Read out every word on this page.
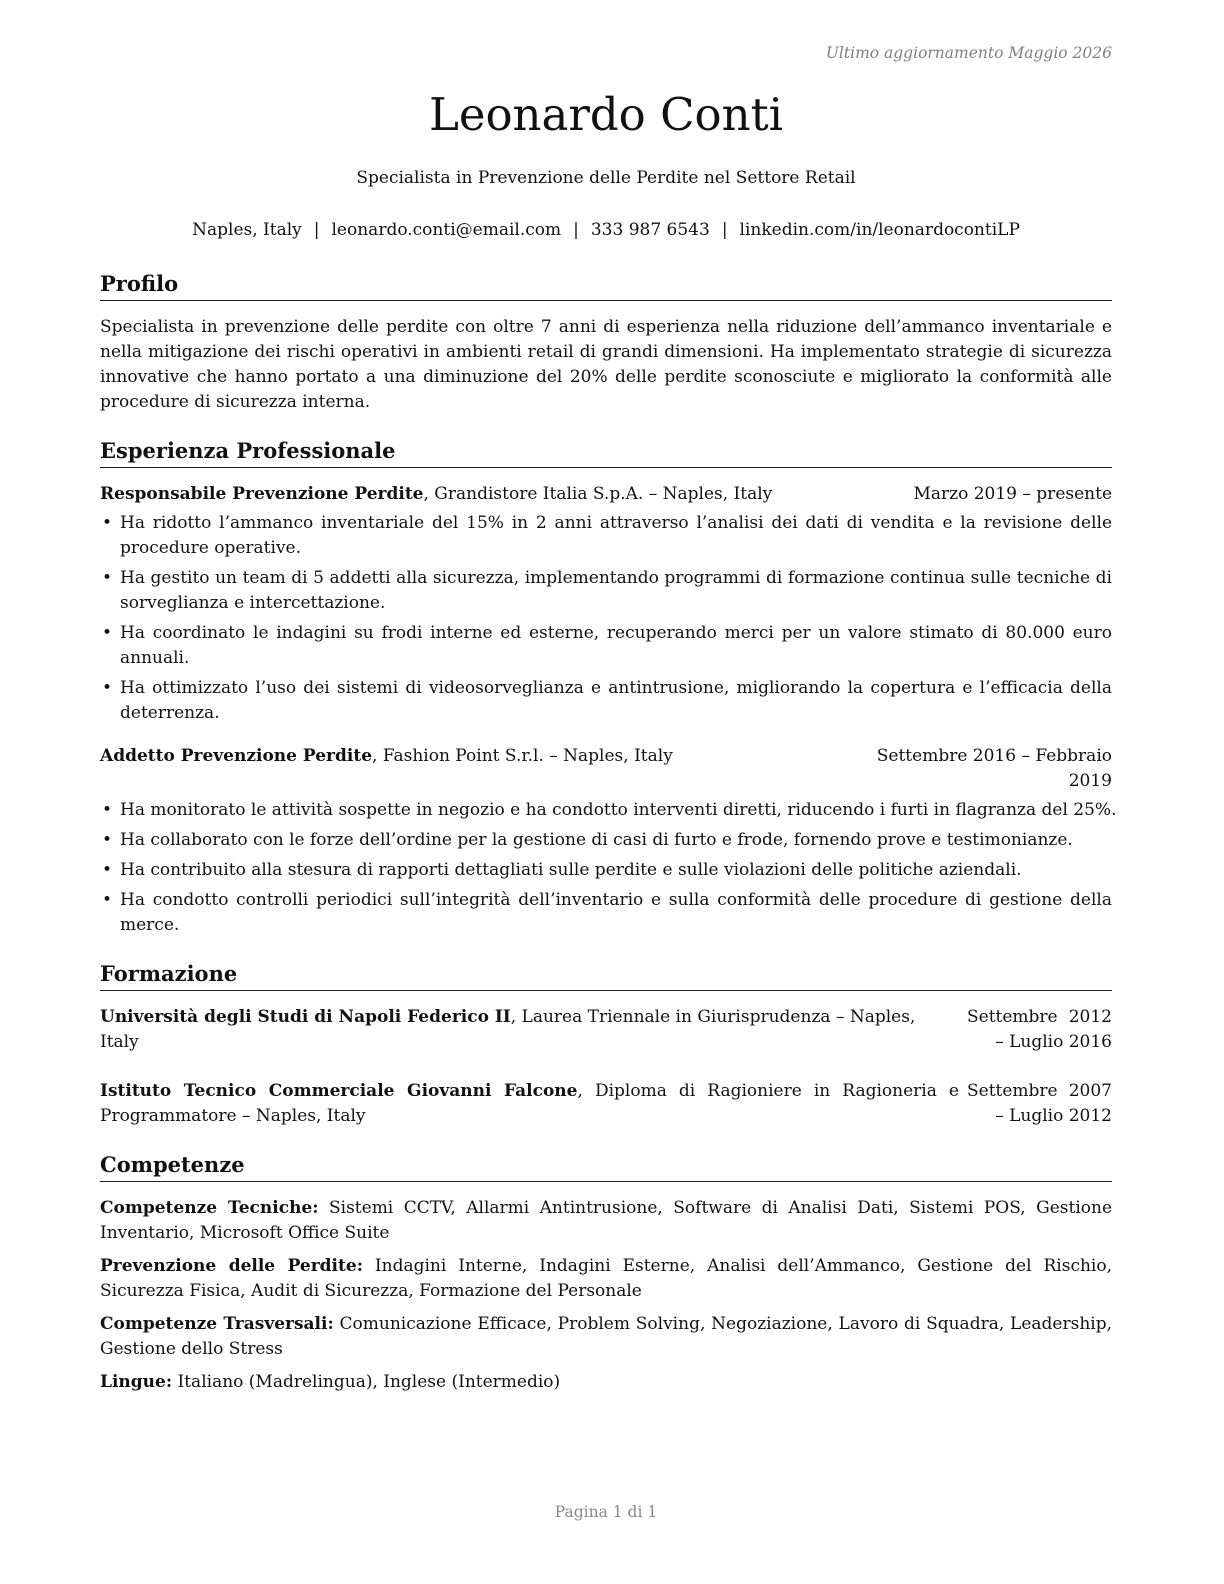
Ultimo aggiornamento Maggio 2026
Leonardo Conti
Specialista in Prevenzione delle Perdite nel Settore Retail
Naples, Italy | leonardo.conti@email.com | 333 987 6543 | linkedin.com/in/leonardocontiLP
Profilo

Specialista in prevenzione delle perdite con oltre 7 anni di esperienza nella riduzione dell’ammanco inventariale e nella mitigazione dei rischi operativi in ambienti retail di grandi dimensioni. Ha implementato strategie di sicurezza innovative che hanno portato a una diminuzione del 20% delle perdite sconosciute e migliorato la conformità alle procedure di sicurezza interna.

Esperienza Professionale
Responsabile Prevenzione Perdite, Grandistore Italia S.p.A. – Naples, Italy	Marzo 2019 – presente
• Ha ridotto l’ammanco inventariale del 15% in 2 anni attraverso l’analisi dei dati di vendita e la revisione delle procedure operative.
• Ha gestito un team di 5 addetti alla sicurezza, implementando programmi di formazione continua sulle tecniche di sorveglianza e intercettazione.
• Ha coordinato le indagini su frodi interne ed esterne, recuperando merci per un valore stimato di 80.000 euro annuali.
• Ha ottimizzato l’uso dei sistemi di videosorveglianza e antintrusione, migliorando la copertura e l’efficacia della deterrenza.
Addetto Prevenzione Perdite, Fashion Point S.r.l. – Naples, Italy	Settembre 2016 – Febbraio 2019
• Ha monitorato le attività sospette in negozio e ha condotto interventi diretti, riducendo i furti in flagranza del 25%.
• Ha collaborato con le forze dell’ordine per la gestione di casi di furto e frode, fornendo prove e testimonianze.
• Ha contribuito alla stesura di rapporti dettagliati sulle perdite e sulle violazioni delle politiche aziendali.
• Ha condotto controlli periodici sull’integrità dell’inventario e sulla conformità delle procedure di gestione della merce.
Formazione
Università degli Studi di Napoli Federico II, Laurea Triennale in Giurisprudenza – Naples, Italy
Settembre 2012 – Luglio 2016
Istituto Tecnico Commerciale Giovanni Falcone, Diploma di Ragioniere in Ragioneria e Programmatore – Naples, Italy
Settembre 2007 – Luglio 2012
Competenze
Competenze Tecniche: Sistemi CCTV, Allarmi Antintrusione, Software di Analisi Dati, Sistemi POS, Gestione Inventario, Microsoft Office Suite
Prevenzione delle Perdite: Indagini Interne, Indagini Esterne, Analisi dell’Ammanco, Gestione del Rischio, Sicurezza Fisica, Audit di Sicurezza, Formazione del Personale
Competenze Trasversali: Comunicazione Efficace, Problem Solving, Negoziazione, Lavoro di Squadra, Leadership, Gestione dello Stress
Lingue: Italiano (Madrelingua), Inglese (Intermedio)
Pagina 1 di 1
